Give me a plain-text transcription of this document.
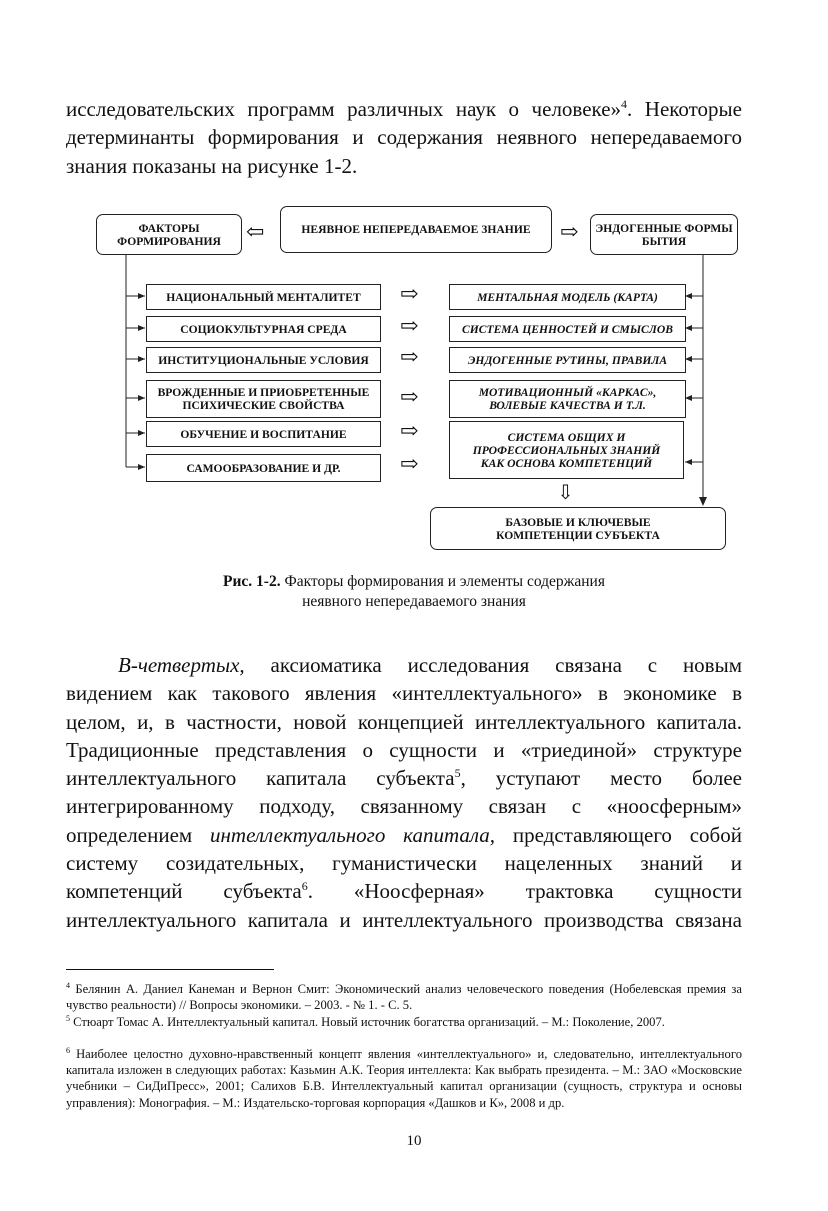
исследовательских программ различных наук о человеке»$^4$. Некоторые
детерминанты формирования и содержания неявного непередаваемого
знания показаны на рисунке 1-2.
ФАКТОРЫ ФОРМИРОВАНИЯ	⇦	НЕЯВНОЕ НЕПЕРЕДАВАЕМОЕ ЗНАНИЕ	⇨	ЭНДОГЕННЫЕ ФОРМЫ БЫТИЯ
НАЦИОНАЛЬНЫЙ МЕНТАЛИТЕТ
СОЦИОКУЛЬТУРНАЯ СРЕДА
ИНСТИТУЦИОНАЛЬНЫЕ УСЛОВИЯ
ВРОЖДЕННЫЕ И ПРИОБРЕТЕННЫЕ ПСИХИЧЕСКИЕ СВОЙСТВА
ОБУЧЕНИЕ И ВОСПИТАНИЕ
САМООБРАЗОВАНИЕ И ДР.
⇨
⇨
⇨
⇨
⇨
⇨
МЕНТАЛЬНАЯ МОДЕЛЬ (КАРТА)
СИСТЕМА ЦЕННОСТЕЙ И СМЫСЛОВ
ЭНДОГЕННЫЕ РУТИНЫ, ПРАВИЛА
МОТИВАЦИОННЫЙ «КАРКАС», ВОЛЕВЫЕ КАЧЕСТВА И Т.Л.
СИСТЕМА ОБЩИХ И ПРОФЕССИОНАЛЬНЫХ ЗНАНИЙ КАК ОСНОВА КОМПЕТЕНЦИЙ
⇩
БАЗОВЫЕ И КЛЮЧЕВЫЕ КОМПЕТЕНЦИИ СУБЪЕКТА
Рис. 1-2. Факторы формирования и элементы содержания
неявного непередаваемого знания
В-четвертых, аксиоматика исследования связана с новым
видением как такового явления «интеллектуального» в экономике в
целом, и, в частности, новой концепцией интеллектуального капитала.
Традиционные представления о сущности и «триединой» структуре
интеллектуального капитала субъекта$^5$, уступают место более
интегрированному подходу, связанному связан с «ноосферным»
определением интеллектуального капитала, представляющего собой
систему созидательных, гуманистически нацеленных знаний и
компетенций субъекта$^6$. «Ноосферная» трактовка сущности
интеллектуального капитала и интеллектуального производства связана
$^4$ Белянин А. Даниел Канеман и Вернон Смит: Экономический анализ человеческого поведения (Нобелевская премия за чувство реальности) // Вопросы экономики. – 2003. - № 1. - С. 5.
$^5$ Стюарт Томас А. Интеллектуальный капитал. Новый источник богатства организаций. – М.: Поколение, 2007.
$^6$ Наиболее целостно духовно-нравственный концепт явления «интеллектуального» и, следовательно, интеллектуального капитала изложен в следующих работах: Казьмин А.К. Теория интеллекта: Как выбрать президента. – М.: ЗАО «Московские учебники – СиДиПресс», 2001; Салихов Б.В. Интеллектуальный капитал организации (сущность, структура и основы управления): Монография. – М.: Издательско-торговая корпорация «Дашков и К», 2008 и др.
10
